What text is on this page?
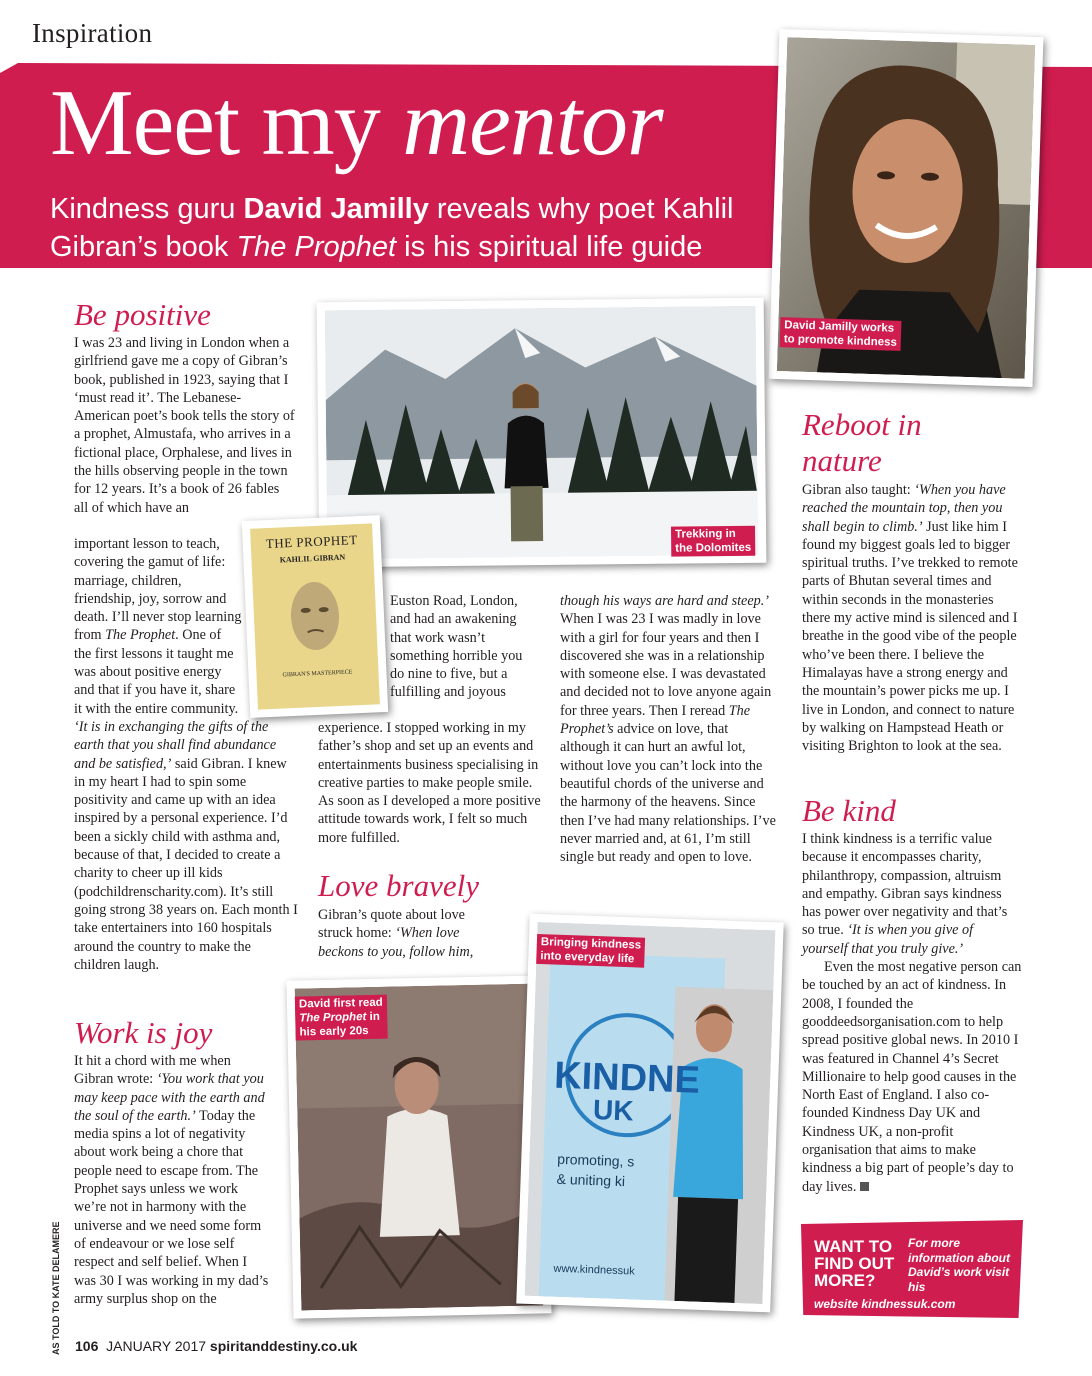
Inspiration
Meet my mentor
Kindness guru David Jamilly reveals why poet Kahlil Gibran’s book The Prophet is his spiritual life guide
David Jamilly works
to promote kindness
Trekking in
the Dolomites
THE PROPHET
KAHLIL GIBRAN
GIBRAN'S MASTERPIECE
David first read
The Prophet in
his early 20s
KINDNE
UK
promoting, s
& uniting ki
www.kindnessuk
Bringing kindness
into everyday life
Be positive

I was 23 and living in London when a girlfriend gave me a copy of Gibran’s book, published in 1923, saying that I ‘must read it’. The Lebanese-American poet’s book tells the story of a prophet, Almustafa, who arrives in a fictional place, Orphalese, and lives in the hills observing people in the town for 12 years. It’s a book of 26 fables all of which have an

important lesson to teach, covering the gamut of life: marriage, children, friendship, joy, sorrow and death. I’ll never stop learning from The Prophet. One of the first lessons it taught me was about positive energy and that if you have it, share it with the entire community.

‘It is in exchanging the gifts of the earth that you shall find abundance and be satisfied,’ said Gibran. I knew in my heart I had to spin some positivity and came up with an idea inspired by a personal experience. I’d been a sickly child with asthma and, because of that, I decided to create a charity to cheer up ill kids (podchildrenscharity.com). It’s still going strong 38 years on. Each month I take entertainers into 160 hospitals around the country to make the children laugh.

Work is joy

It hit a chord with me when Gibran wrote: ‘You work that you may keep pace with the earth and the soul of the earth.’ Today the media spins a lot of negativity about work being a chore that people need to escape from. The Prophet says unless we work we’re not in harmony with the universe and we need some form of endeavour or we lose self respect and self belief. When I was 30 I was working in my dad’s army surplus shop on the

Euston Road, London, and had an awakening that work wasn’t something horrible you do nine to five, but a fulfilling and joyous

experience. I stopped working in my father’s shop and set up an events and entertainments business specialising in creative parties to make people smile. As soon as I developed a more positive attitude towards work, I felt so much more fulfilled.

Love bravely

Gibran’s quote about love struck home: ‘When love beckons to you, follow him,

though his ways are hard and steep.’ When I was 23 I was madly in love with a girl for four years and then I discovered she was in a relationship with someone else. I was devastated and decided not to love anyone again for three years. Then I reread The Prophet’s advice on love, that although it can hurt an awful lot, without love you can’t lock into the beautiful chords of the universe and the harmony of the heavens. Since then I’ve had many relationships. I’ve never married and, at 61, I’m still single but ready and open to love.

Reboot in
nature

Gibran also taught: ‘When you have reached the mountain top, then you shall begin to climb.’ Just like him I found my biggest goals led to bigger spiritual truths. I’ve trekked to remote parts of Bhutan several times and within seconds in the monasteries there my active mind is silenced and I breathe in the good vibe of the people who’ve been there. I believe the Himalayas have a strong energy and the mountain’s power picks me up. I live in London, and connect to nature by walking on Hampstead Heath or visiting Brighton to look at the sea.

Be kind

I think kindness is a terrific value because it encompasses charity, philanthropy, compassion, altruism and empathy. Gibran says kindness has power over negativity and that’s so true. ‘It is when you give of yourself that you truly give.’

Even the most negative person can be touched by an act of kindness. In 2008, I founded the gooddeedsorganisation.com to help spread positive global news. In 2010 I was featured in Channel 4’s Secret Millionaire to help good causes in the North East of England. I also co-founded Kindness Day UK and Kindness UK, a non-profit organisation that aims to make kindness a big part of people’s day to day lives.

WANT TO FIND OUT MORE?
For more information about David’s work visit his
website kindnessuk.com
AS TOLD TO KATE DELAMERE	106 JANUARY 2017 spiritanddestiny.co.uk
